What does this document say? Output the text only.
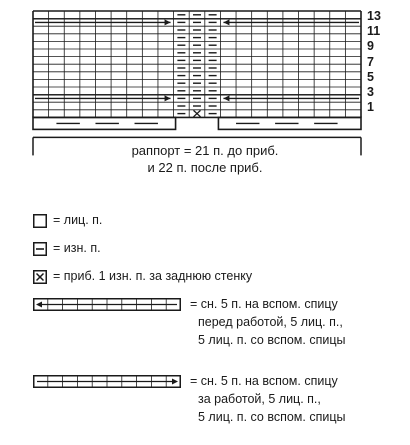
13
11
9
7
5
3
1
раппорт = 21 п. до приб.
и 22 п. после приб.
= лиц. п.
= изн. п.
= приб. 1 изн. п. за заднюю стенку
= сн. 5 п. на вспом. спицу
перед работой, 5 лиц. п.,
5 лиц. п. со вспом. спицы
= сн. 5 п. на вспом. спицу
за работой, 5 лиц. п.,
5 лиц. п. со вспом. спицы
